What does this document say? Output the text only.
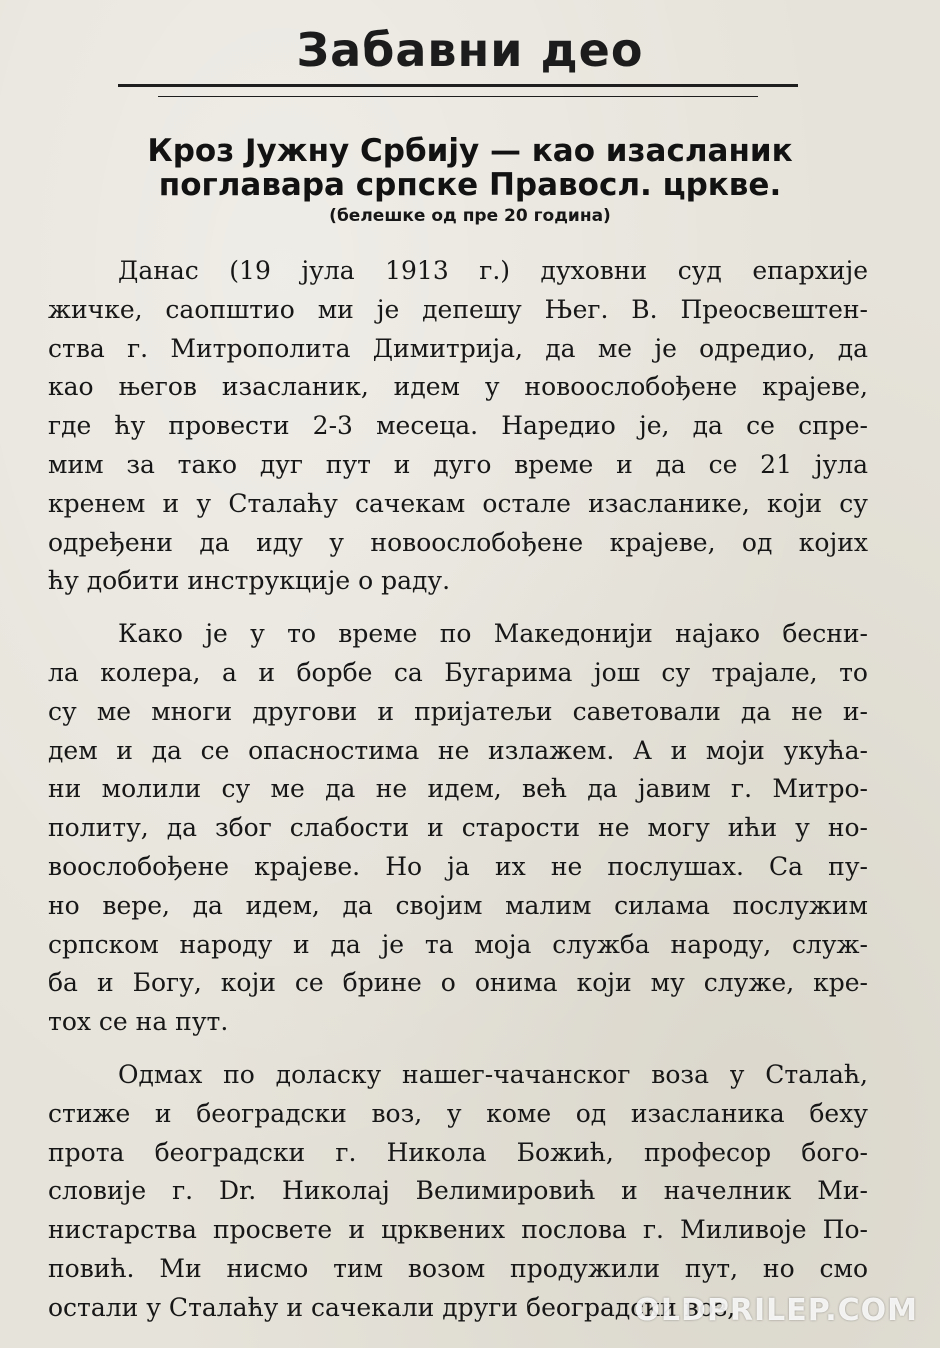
Забавни део
Кроз Јужну Србију — као изасланик
поглавара српске Правосл. цркве.
(белешке од пре 20 година)
Данас (19 јула 1913 г.) духовни суд епархије
жичке, саопштио ми је депешу Њег. В. Преосвештен-
ства г. Митрополита Димитрија, да ме је одредио, да
као његов изасланик, идем у новоослобођене крајеве,
где ћу провести 2-3 месеца. Наредио је, да се спре-
мим за тако дуг пут и дуго време и да се 21 јула
кренем и у Сталаћу сачекам остале изасланике, који су
одређени да иду у новоослобођене крајеве, од којих
ћу добити инструкције о раду.
Како је у то време по Македонији најако бесни-
ла колера, а и борбе са Бугарима још су трајале, то
су ме многи другови и пријатељи саветовали да не и-
дем и да се опасностима не излажем. А и моји укућа-
ни молили су ме да не идем, већ да јавим г. Митро-
политу, да због слабости и старости не могу ићи у но-
воослобођене крајеве. Но ја их не послушах. Са пу-
но вере, да идем, да својим малим силама послужим
српском народу и да је та моја служба народу, служ-
ба и Богу, који се брине о онима који му служе, кре-
тох се на пут.
Одмах по доласку нашег-чачанског воза у Сталаћ,
стиже и београдски воз, у коме од изасланика беху
прота београдски г. Никола Божић, професор бого-
словије г. Dr. Николај Велимировић и начелник Ми-
нистарства просвете и црквених послова г. Миливоје По-
повић. Ми нисмо тим возом продужили пут, но смо
остали у Сталаћу и сачекали други београдски воз,
OLDPRILEP.COM
